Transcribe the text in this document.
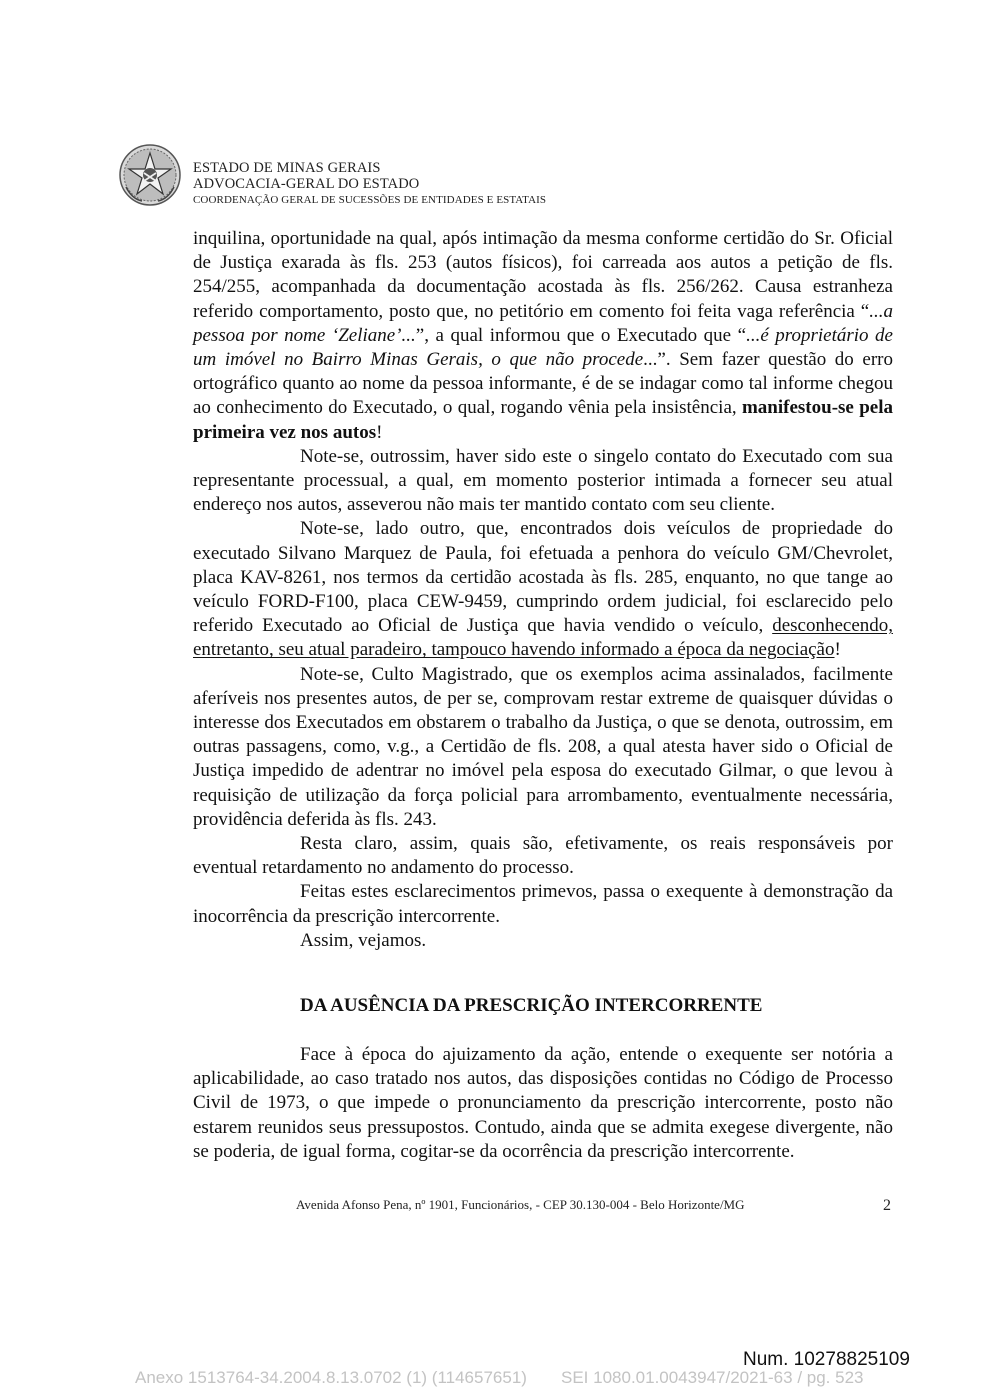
ESTADO DE MINAS GERAIS
ADVOCACIA-GERAL DO ESTADO
COORDENAÇÃO GERAL DE SUCESSÕES DE ENTIDADES E ESTATAIS

inquilina, oportunidade na qual, após intimação da mesma conforme certidão do Sr. Oficial de Justiça exarada às fls. 253 (autos físicos), foi carreada aos autos a petição de fls. 254/255, acompanhada da documentação acostada às fls. 256/262. Causa estranheza referido comportamento, posto que, no petitório em comento foi feita vaga referência “...a pessoa por nome ‘Zeliane’...”, a qual informou que o Executado que “...é proprietário de um imóvel no Bairro Minas Gerais, o que não procede...”. Sem fazer questão do erro ortográfico quanto ao nome da pessoa informante, é de se indagar como tal informe chegou ao conhecimento do Executado, o qual, rogando vênia pela insistência, manifestou-se pela primeira vez nos autos!

Note-se, outrossim, haver sido este o singelo contato do Executado com sua representante processual, a qual, em momento posterior intimada a fornecer seu atual endereço nos autos, asseverou não mais ter mantido contato com seu cliente.

Note-se, lado outro, que, encontrados dois veículos de propriedade do executado Silvano Marquez de Paula, foi efetuada a penhora do veículo GM/Chevrolet, placa KAV-8261, nos termos da certidão acostada às fls. 285, enquanto, no que tange ao veículo FORD-F100, placa CEW-9459, cumprindo ordem judicial, foi esclarecido pelo referido Executado ao Oficial de Justiça que havia vendido o veículo, desconhecendo, entretanto, seu atual paradeiro, tampouco havendo informado a época da negociação!

Note-se, Culto Magistrado, que os exemplos acima assinalados, facilmente aferíveis nos presentes autos, de per se, comprovam restar extreme de quaisquer dúvidas o interesse dos Executados em obstarem o trabalho da Justiça, o que se denota, outrossim, em outras passagens, como, v.g., a Certidão de fls. 208, a qual atesta haver sido o Oficial de Justiça impedido de adentrar no imóvel pela esposa do executado Gilmar, o que levou à requisição de utilização da força policial para arrombamento, eventualmente necessária, providência deferida às fls. 243.

Resta claro, assim, quais são, efetivamente, os reais responsáveis por eventual retardamento no andamento do processo.

Feitas estes esclarecimentos primevos, passa o exequente à demonstração da inocorrência da prescrição intercorrente.

Assim, vejamos.

DA AUSÊNCIA DA PRESCRIÇÃO INTERCORRENTE

Face à época do ajuizamento da ação, entende o exequente ser notória a aplicabilidade, ao caso tratado nos autos, das disposições contidas no Código de Processo Civil de 1973, o que impede o pronunciamento da prescrição intercorrente, posto não estarem reunidos seus pressupostos. Contudo, ainda que se admita exegese divergente, não se poderia, de igual forma, cogitar-se da ocorrência da prescrição intercorrente.

Avenida Afonso Pena, nº 1901, Funcionários, - CEP 30.130-004 - Belo Horizonte/MG	2
Num. 10278825109
Anexo 1513764-34.2004.8.13.0702 (1) (114657651) SEI 1080.01.0043947/2021-63 / pg. 523
